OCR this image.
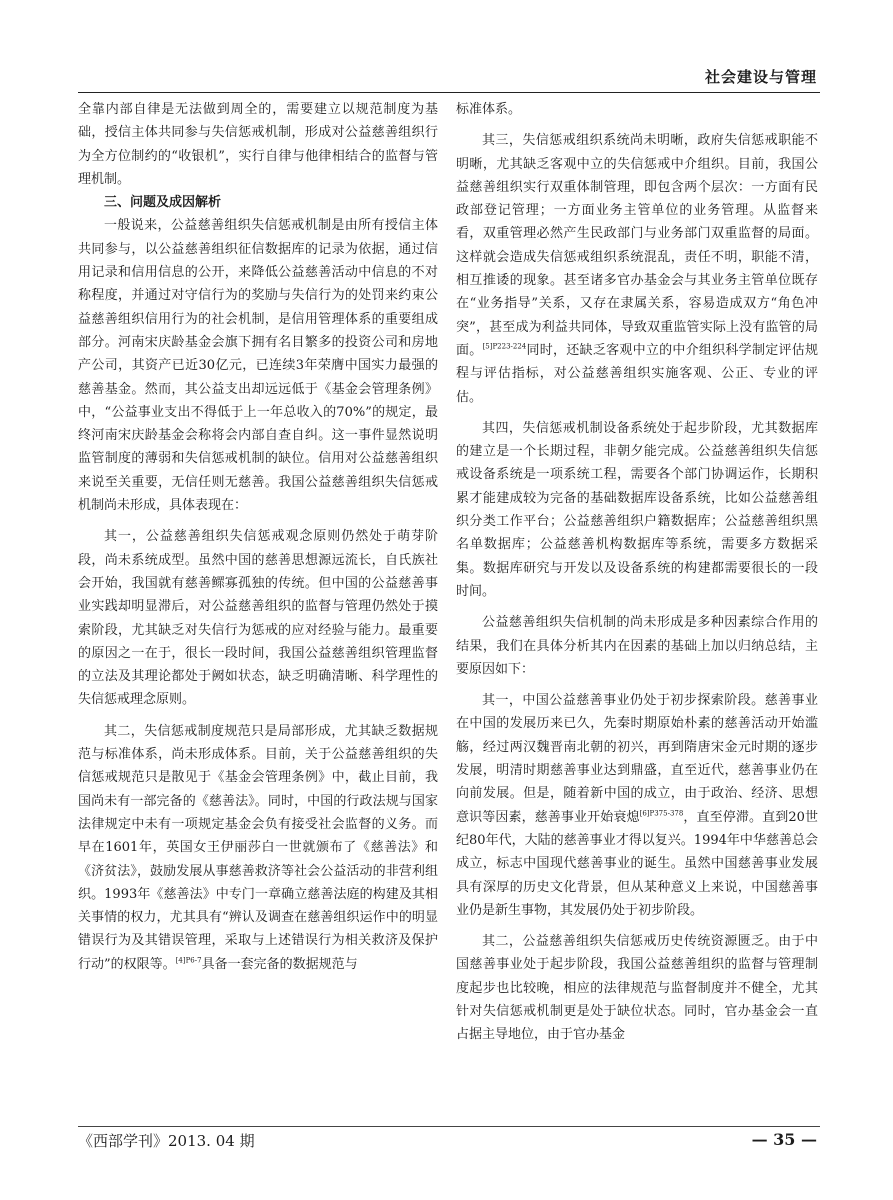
社会建设与管理

全靠内部自律是无法做到周全的，需要建立以规范制度为基础，授信主体共同参与失信惩戒机制，形成对公益慈善组织行为全方位制约的“收银机”，实行自律与他律相结合的监督与管理机制。

三、问题及成因解析

一般说来，公益慈善组织失信惩戒机制是由所有授信主体共同参与，以公益慈善组织征信数据库的记录为依据，通过信用记录和信用信息的公开，来降低公益慈善活动中信息的不对称程度，并通过对守信行为的奖励与失信行为的处罚来约束公益慈善组织信用行为的社会机制，是信用管理体系的重要组成部分。河南宋庆龄基金会旗下拥有名目繁多的投资公司和房地产公司，其资产已近30亿元，已连续3年荣膺中国实力最强的慈善基金。然而，其公益支出却远远低于《基金会管理条例》中，“公益事业支出不得低于上一年总收入的70%”的规定，最终河南宋庆龄基金会称将会内部自查自纠。这一事件显然说明监管制度的薄弱和失信惩戒机制的缺位。信用对公益慈善组织来说至关重要，无信任则无慈善。我国公益慈善组织失信惩戒机制尚未形成，具体表现在：

其一，公益慈善组织失信惩戒观念原则仍然处于萌芽阶段，尚未系统成型。虽然中国的慈善思想源远流长，自氏族社会开始，我国就有慈善鳏寡孤独的传统。但中国的公益慈善事业实践却明显滞后，对公益慈善组织的监督与管理仍然处于摸索阶段，尤其缺乏对失信行为惩戒的应对经验与能力。最重要的原因之一在于，很长一段时间，我国公益慈善组织管理监督的立法及其理论都处于阙如状态，缺乏明确清晰、科学理性的失信惩戒理念原则。

其二，失信惩戒制度规范只是局部形成，尤其缺乏数据规范与标准体系，尚未形成体系。目前，关于公益慈善组织的失信惩戒规范只是散见于《基金会管理条例》中，截止目前，我国尚未有一部完备的《慈善法》。同时，中国的行政法规与国家法律规定中未有一项规定基金会负有接受社会监督的义务。而早在1601年，英国女王伊丽莎白一世就颁布了《慈善法》和《济贫法》，鼓励发展从事慈善救济等社会公益活动的非营利组织。1993年《慈善法》中专门一章确立慈善法庭的构建及其相关事情的权力，尤其具有“辨认及调查在慈善组织运作中的明显错误行为及其错误管理，采取与上述错误行为相关救济及保护行动”的权限等。$^{[4]P6-7}$具备一套完备的数据规范与

标准体系。

其三，失信惩戒组织系统尚未明晰，政府失信惩戒职能不明晰，尤其缺乏客观中立的失信惩戒中介组织。目前，我国公益慈善组织实行双重体制管理，即包含两个层次：一方面有民政部登记管理；一方面业务主管单位的业务管理。从监督来看，双重管理必然产生民政部门与业务部门双重监督的局面。这样就会造成失信惩戒组织系统混乱，责任不明，职能不清，相互推诿的现象。甚至诸多官办基金会与其业务主管单位既存在“业务指导”关系，又存在隶属关系，容易造成双方“角色冲突”，甚至成为利益共同体，导致双重监管实际上没有监管的局面。$^{[5]P223-224}$同时，还缺乏客观中立的中介组织科学制定评估规程与评估指标，对公益慈善组织实施客观、公正、专业的评估。

其四，失信惩戒机制设备系统处于起步阶段，尤其数据库的建立是一个长期过程，非朝夕能完成。公益慈善组织失信惩戒设备系统是一项系统工程，需要各个部门协调运作，长期积累才能建成较为完备的基础数据库设备系统，比如公益慈善组织分类工作平台；公益慈善组织户籍数据库；公益慈善组织黑名单数据库；公益慈善机构数据库等系统，需要多方数据采集。数据库研究与开发以及设备系统的构建都需要很长的一段时间。

公益慈善组织失信机制的尚未形成是多种因素综合作用的结果，我们在具体分析其内在因素的基础上加以归纳总结，主要原因如下：

其一，中国公益慈善事业仍处于初步探索阶段。慈善事业在中国的发展历来已久，先秦时期原始朴素的慈善活动开始滥觞，经过两汉魏晋南北朝的初兴，再到隋唐宋金元时期的逐步发展，明清时期慈善事业达到鼎盛，直至近代，慈善事业仍在向前发展。但是，随着新中国的成立，由于政治、经济、思想意识等因素，慈善事业开始衰熄$^{[6]P375-378}$，直至停滞。直到20世纪80年代，大陆的慈善事业才得以复兴。1994年中华慈善总会成立，标志中国现代慈善事业的诞生。虽然中国慈善事业发展具有深厚的历史文化背景，但从某种意义上来说，中国慈善事业仍是新生事物，其发展仍处于初步阶段。

其二，公益慈善组织失信惩戒历史传统资源匮乏。由于中国慈善事业处于起步阶段，我国公益慈善组织的监督与管理制度起步也比较晚，相应的法律规范与监督制度并不健全，尤其针对失信惩戒机制更是处于缺位状态。同时，官办基金会一直占据主导地位，由于官办基金

《西部学刊》2013. 04 期	— 35 —
